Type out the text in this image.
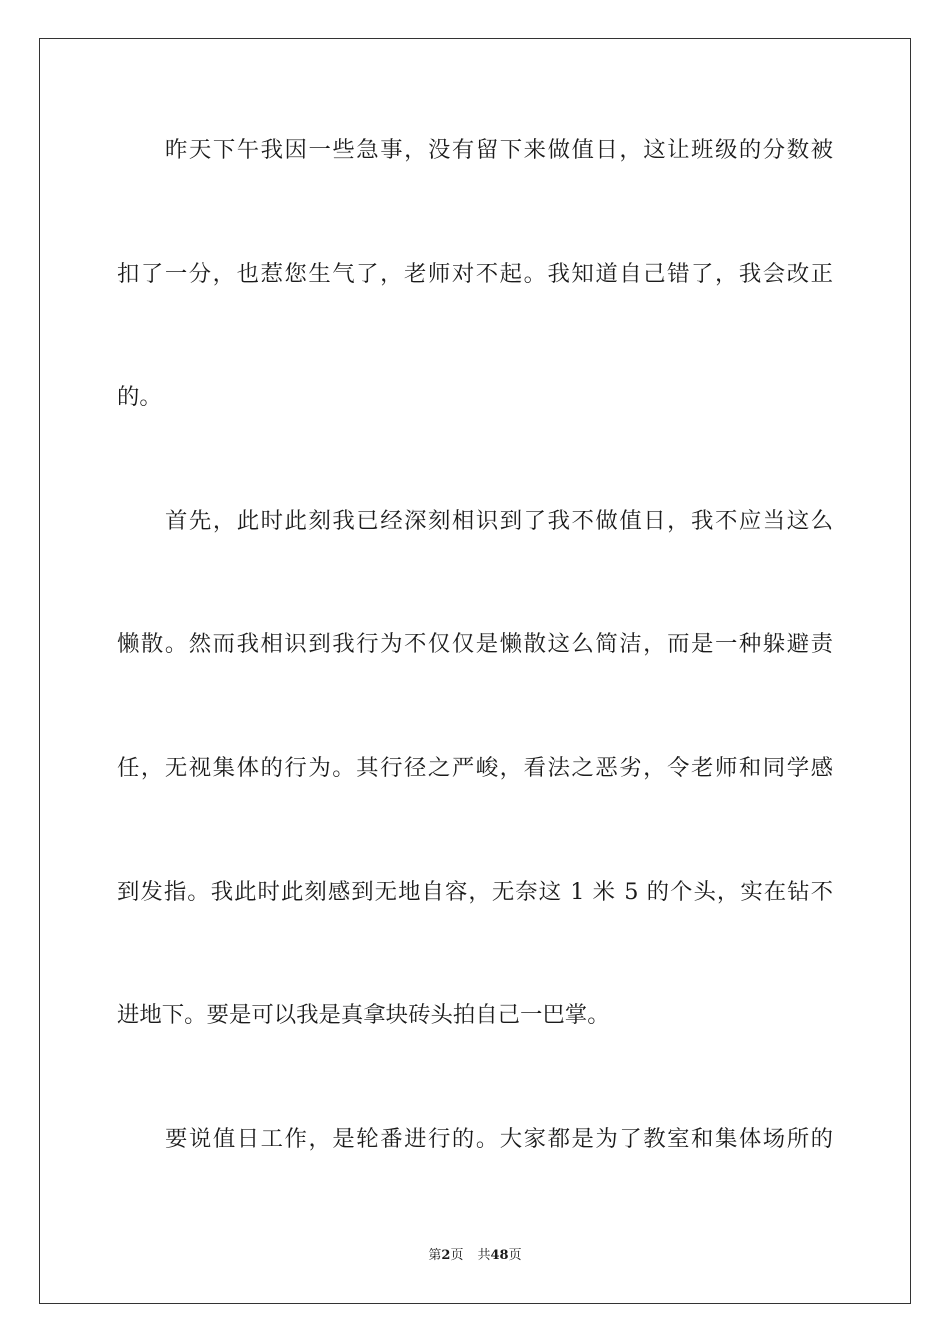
昨天下午我因一些急事，没有留下来做值日，这让班级的分数被
扣了一分，也惹您生气了，老师对不起。我知道自己错了，我会改正
的。
首先，此时此刻我已经深刻相识到了我不做值日，我不应当这么
懒散。然而我相识到我行为不仅仅是懒散这么简洁，而是一种躲避责
任，无视集体的行为。其行径之严峻，看法之恶劣，令老师和同学感
到发指。我此时此刻感到无地自容，无奈这 1 米 5 的个头，实在钻不
进地下。要是可以我是真拿块砖头拍自己一巴掌。
要说值日工作，是轮番进行的。大家都是为了教室和集体场所的
第2页 共48页
